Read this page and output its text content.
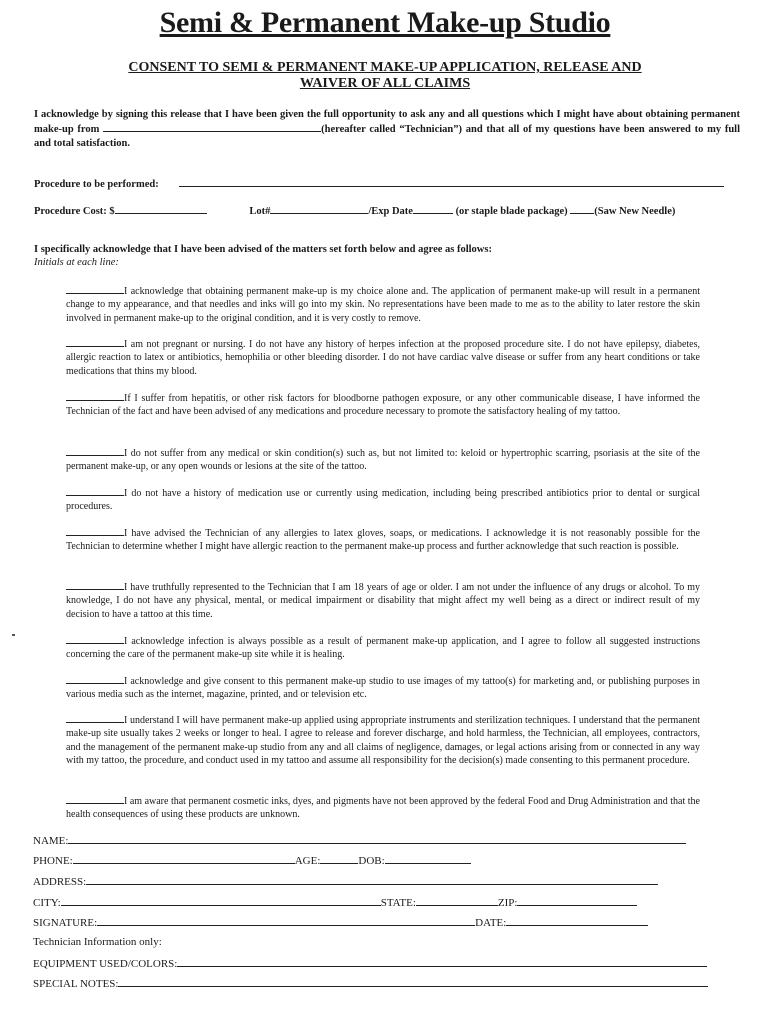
Semi & Permanent Make-up Studio
CONSENT TO SEMI & PERMANENT MAKE-UP APPLICATION, RELEASE AND
WAIVER OF ALL CLAIMS

I acknowledge by signing this release that I have been given the full opportunity to ask any and all questions which I might have about obtaining permanent make-up from	(hereafter called “Technician”) and that all of my questions have been answered to my full and total satisfaction.

Procedure to be performed:
Procedure Cost: $	Lot#	/Exp Date	(or staple blade package)	(Saw New Needle)
I specifically acknowledge that I have been advised of the matters set forth below and agree as follows:
Initials at each line:

I acknowledge that obtaining permanent make-up is my choice alone and. The application of permanent make-up will result in a permanent change to my appearance, and that needles and inks will go into my skin. No representations have been made to me as to the ability to later restore the skin involved in permanent make-up to the original condition, and it is very costly to remove.

I am not pregnant or nursing. I do not have any history of herpes infection at the proposed procedure site. I do not have epilepsy, diabetes, allergic reaction to latex or antibiotics, hemophilia or other bleeding disorder. I do not have cardiac valve disease or suffer from any heart conditions or take medications that thins my blood.

If I suffer from hepatitis, or other risk factors for bloodborne pathogen exposure, or any other communicable disease, I have informed the Technician of the fact and have been advised of any medications and procedure necessary to promote the satisfactory healing of my tattoo.

I do not suffer from any medical or skin condition(s) such as, but not limited to: keloid or hypertrophic scarring, psoriasis at the site of the permanent make-up, or any open wounds or lesions at the site of the tattoo.

I do not have a history of medication use or currently using medication, including being prescribed antibiotics prior to dental or surgical procedures.

I have advised the Technician of any allergies to latex gloves, soaps, or medications. I acknowledge it is not reasonably possible for the Technician to determine whether I might have allergic reaction to the permanent make-up process and further acknowledge that such reaction is possible.

I have truthfully represented to the Technician that I am 18 years of age or older. I am not under the influence of any drugs or alcohol. To my knowledge, I do not have any physical, mental, or medical impairment or disability that might affect my well being as a direct or indirect result of my decision to have a tattoo at this time.

I acknowledge infection is always possible as a result of permanent make-up application, and I agree to follow all suggested instructions concerning the care of the permanent make-up site while it is healing.

I acknowledge and give consent to this permanent make-up studio to use images of my tattoo(s) for marketing and, or publishing purposes in various media such as the internet, magazine, printed, and or television etc.

I understand I will have permanent make-up applied using appropriate instruments and sterilization techniques. I understand that the permanent make-up site usually takes 2 weeks or longer to heal. I agree to release and forever discharge, and hold harmless, the Technician, all employees, contractors, and the management of the permanent make-up studio from any and all claims of negligence, damages, or legal actions arising from or connected in any way with my tattoo, the procedure, and conduct used in my tattoo and assume all responsibility for the decision(s) made consenting to this permanent procedure.

I am aware that permanent cosmetic inks, dyes, and pigments have not been approved by the federal Food and Drug Administration and that the health consequences of using these products are unknown.

NAME:
PHONE:	AGE:	DOB:
ADDRESS:
CITY:	STATE:	ZIP:
SIGNATURE:	DATE:
Technician Information only:
EQUIPMENT USED/COLORS:
SPECIAL NOTES:
